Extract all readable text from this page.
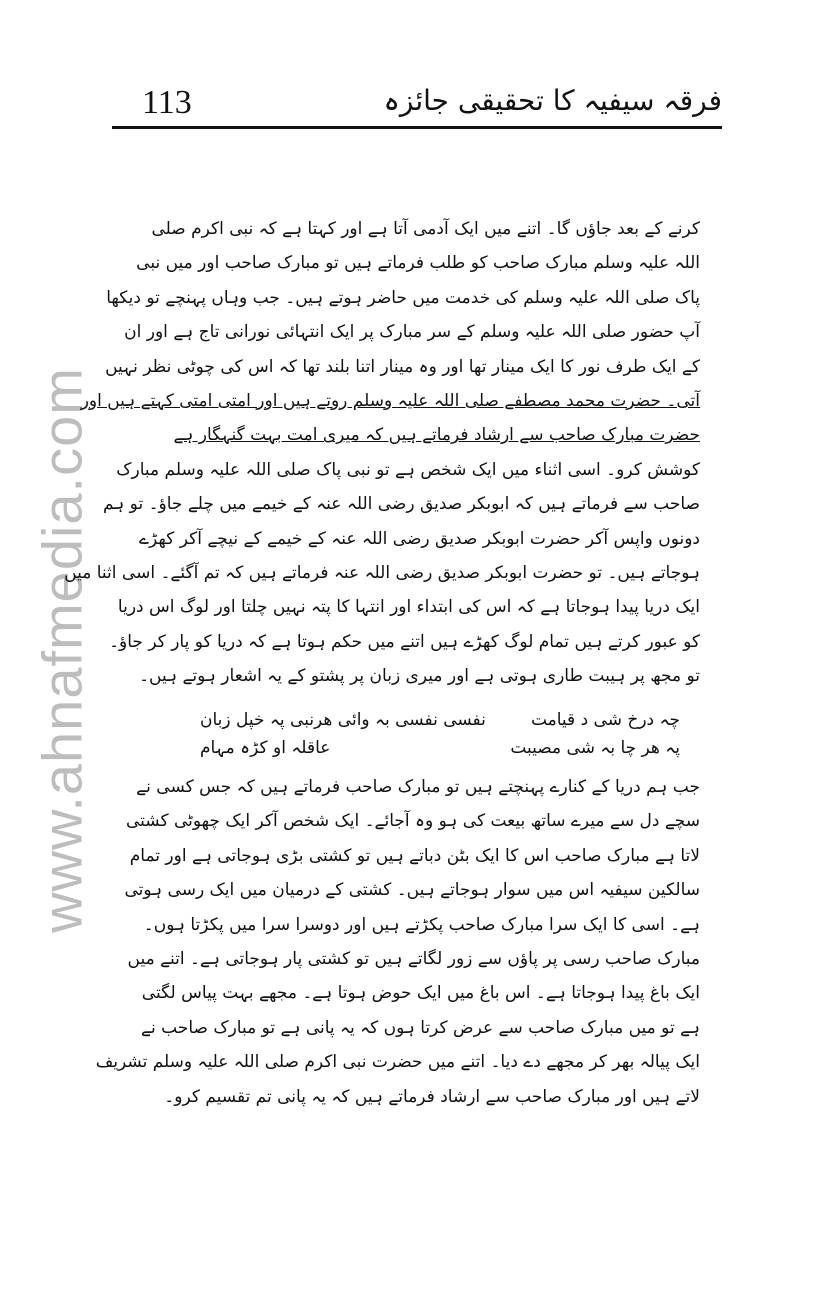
www.ahnafmedia.com
113	فرقہ سیفیہ کا تحقیقی جائزہ
کرنے کے بعد جاؤں گا۔ اتنے میں ایک آدمی آتا ہے اور کہتا ہے کہ نبی اکرم صلی
اللہ علیہ وسلم مبارک صاحب کو طلب فرماتے ہیں تو مبارک صاحب اور میں نبی
پاک صلی اللہ علیہ وسلم کی خدمت میں حاضر ہوتے ہیں۔ جب وہاں پہنچے تو دیکھا
آپ حضور صلی اللہ علیہ وسلم کے سر مبارک پر ایک انتہائی نورانی تاج ہے اور ان
کے ایک طرف نور کا ایک مینار تھا اور وہ مینار اتنا بلند تھا کہ اس کی چوٹی نظر نہیں
آتی۔ حضرت محمد مصطفے صلی اللہ علیہ وسلم روتے ہیں اور امتی امتی کہتے ہیں اور
حضرت مبارک صاحب سے ارشاد فرماتے ہیں کہ میری امت بہت گنہگار ہے
کوشش کرو۔ اسی اثناء میں ایک شخص ہے تو نبی پاک صلی اللہ علیہ وسلم مبارک
صاحب سے فرماتے ہیں کہ ابوبکر صدیق رضی اللہ عنہ کے خیمے میں چلے جاؤ۔ تو ہم
دونوں واپس آکر حضرت ابوبکر صدیق رضی اللہ عنہ کے خیمے کے نیچے آکر کھڑے
ہوجاتے ہیں۔ تو حضرت ابوبکر صدیق رضی اللہ عنہ فرماتے ہیں کہ تم آگئے۔ اسی اثنا میں
ایک دریا پیدا ہوجاتا ہے کہ اس کی ابتداء اور انتہا کا پتہ نہیں چلتا اور لوگ اس دریا
کو عبور کرتے ہیں تمام لوگ کھڑے ہیں اتنے میں حکم ہوتا ہے کہ دریا کو پار کر جاؤ۔
تو مجھ پر ہیبت طاری ہوتی ہے اور میری زبان پر پشتو کے یہ اشعار ہوتے ہیں۔
چہ درخ شی د قیامت
نفسی نفسی بہ وائی هرنبی پہ خپل زبان
پہ هر چا بہ شی مصیبت
عاقلہ او کڑہ مہام
جب ہم دریا کے کنارے پہنچتے ہیں تو مبارک صاحب فرماتے ہیں کہ جس کسی نے
سچے دل سے میرے ساتھ بیعت کی ہو وہ آجائے۔ ایک شخص آکر ایک چھوٹی کشتی
لاتا ہے مبارک صاحب اس کا ایک بٹن دباتے ہیں تو کشتی بڑی ہوجاتی ہے اور تمام
سالکین سیفیہ اس میں سوار ہوجاتے ہیں۔ کشتی کے درمیان میں ایک رسی ہوتی
ہے۔ اسی کا ایک سرا مبارک صاحب پکڑتے ہیں اور دوسرا سرا میں پکڑتا ہوں۔
مبارک صاحب رسی پر پاؤں سے زور لگاتے ہیں تو کشتی پار ہوجاتی ہے۔ اتنے میں
ایک باغ پیدا ہوجاتا ہے۔ اس باغ میں ایک حوض ہوتا ہے۔ مجھے بہت پیاس لگتی
ہے تو میں مبارک صاحب سے عرض کرتا ہوں کہ یہ پانی ہے تو مبارک صاحب نے
ایک پیالہ بھر کر مجھے دے دیا۔ اتنے میں حضرت نبی اکرم صلی اللہ علیہ وسلم تشریف
لاتے ہیں اور مبارک صاحب سے ارشاد فرماتے ہیں کہ یہ پانی تم تقسیم کرو۔
